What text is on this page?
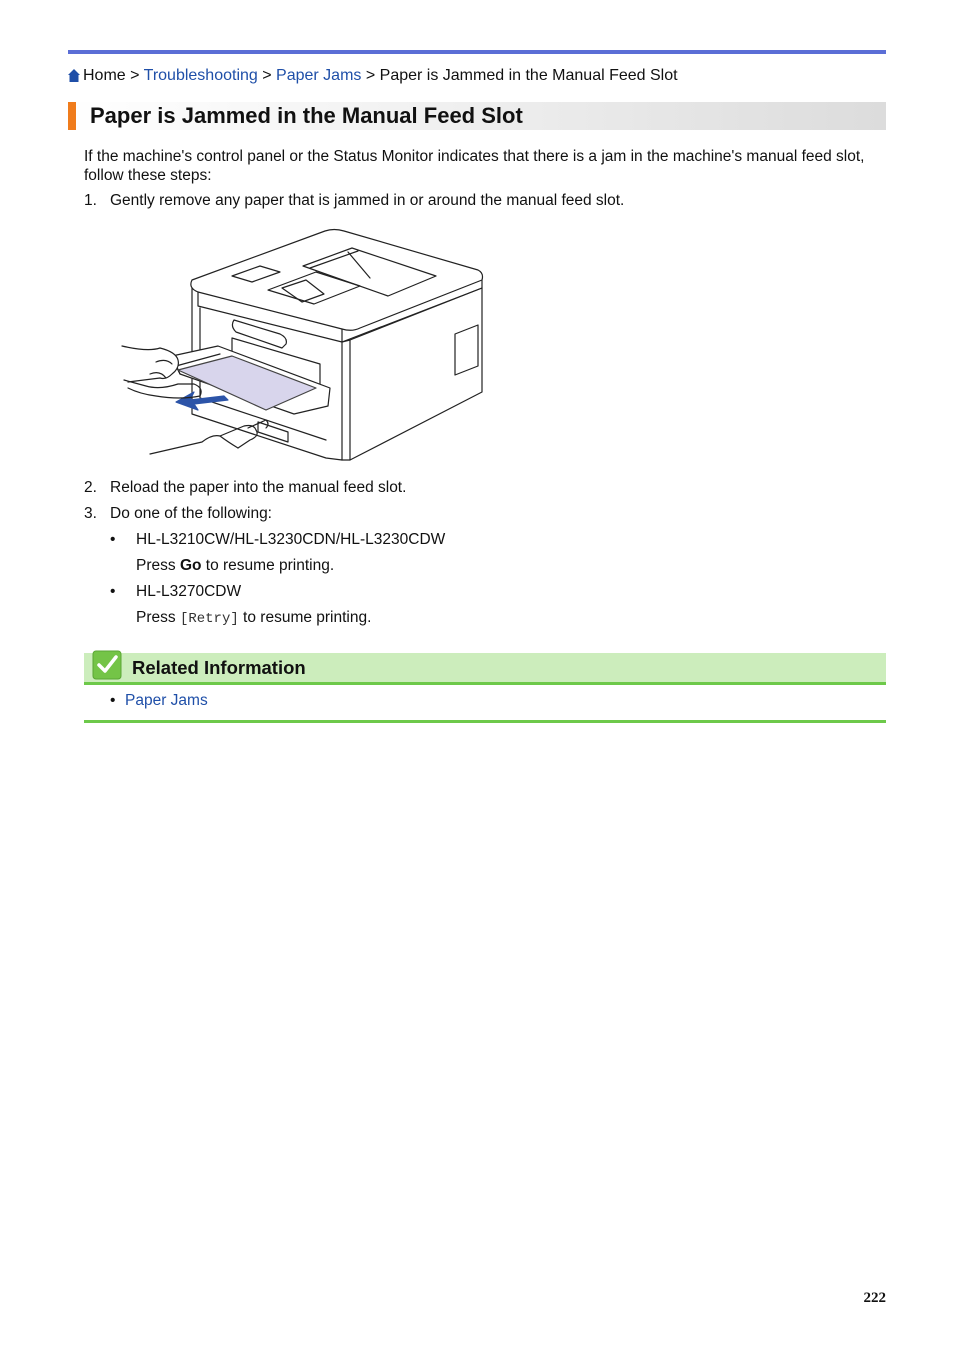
Home > Troubleshooting > Paper Jams > Paper is Jammed in the Manual Feed Slot
Paper is Jammed in the Manual Feed Slot
If the machine's control panel or the Status Monitor indicates that there is a jam in the machine's manual feed slot, follow these steps:
1. Gently remove any paper that is jammed in or around the manual feed slot.
2. Reload the paper into the manual feed slot.
3. Do one of the following:
• HL-L3210CW/HL-L3230CDN/HL-L3230CDW
Press Go to resume printing.
• HL-L3270CDW
Press [Retry] to resume printing.
Related Information
• Paper Jams
222
